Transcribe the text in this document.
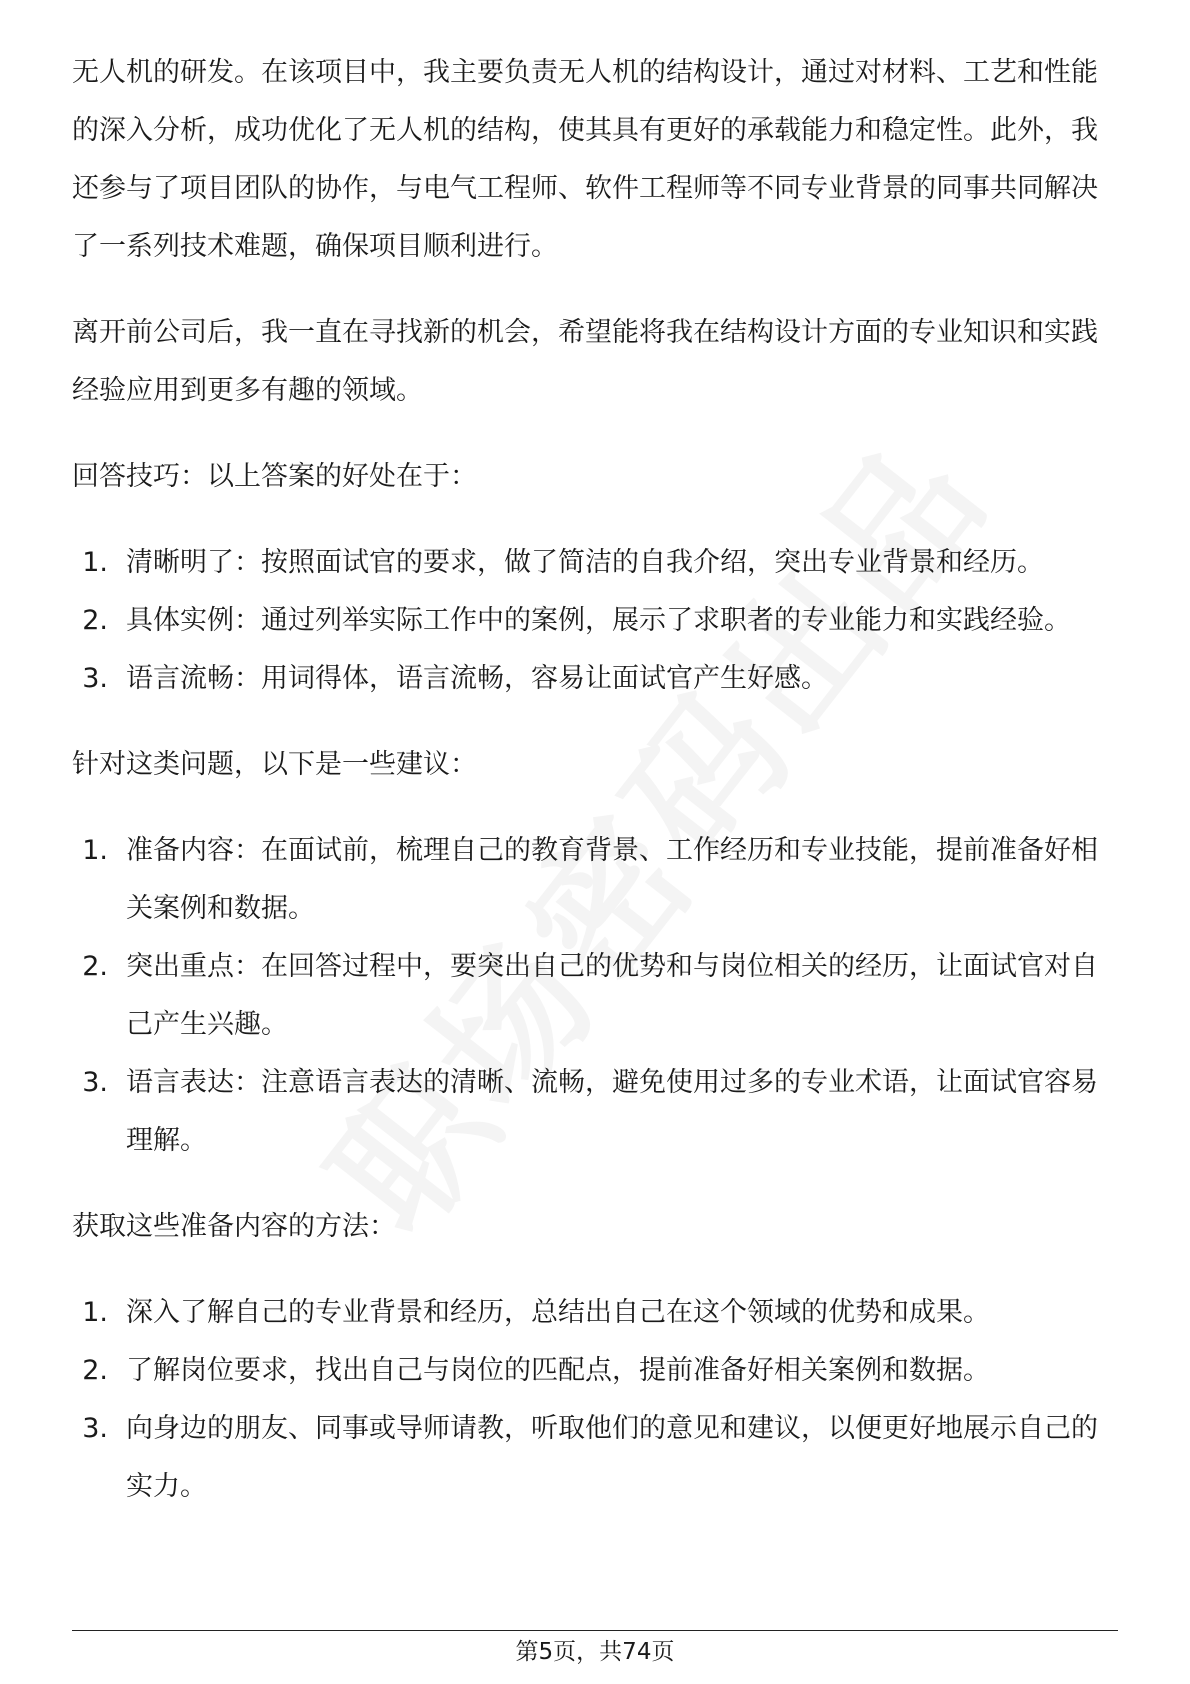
无人机的研发。在该项目中，我主要负责无人机的结构设计，通过对材料、工艺和性能的深入分析，成功优化了无人机的结构，使其具有更好的承载能力和稳定性。此外，我还参与了项目团队的协作，与电气工程师、软件工程师等不同专业背景的同事共同解决了一系列技术难题，确保项目顺利进行。

离开前公司后，我一直在寻找新的机会，希望能将我在结构设计方面的专业知识和实践经验应用到更多有趣的领域。

回答技巧：以上答案的好处在于：

1. 清晰明了：按照面试官的要求，做了简洁的自我介绍，突出专业背景和经历。
2. 具体实例：通过列举实际工作中的案例，展示了求职者的专业能力和实践经验。
3. 语言流畅：用词得体，语言流畅，容易让面试官产生好感。

针对这类问题，以下是一些建议：

1. 准备内容：在面试前，梳理自己的教育背景、工作经历和专业技能，提前准备好相关案例和数据。
2. 突出重点：在回答过程中，要突出自己的优势和与岗位相关的经历，让面试官对自己产生兴趣。
3. 语言表达：注意语言表达的清晰、流畅，避免使用过多的专业术语，让面试官容易理解。

获取这些准备内容的方法：

1. 深入了解自己的专业背景和经历，总结出自己在这个领域的优势和成果。
2. 了解岗位要求，找出自己与岗位的匹配点，提前准备好相关案例和数据。
3. 向身边的朋友、同事或导师请教，听取他们的意见和建议，以便更好地展示自己的实力。
第5页，共74页
